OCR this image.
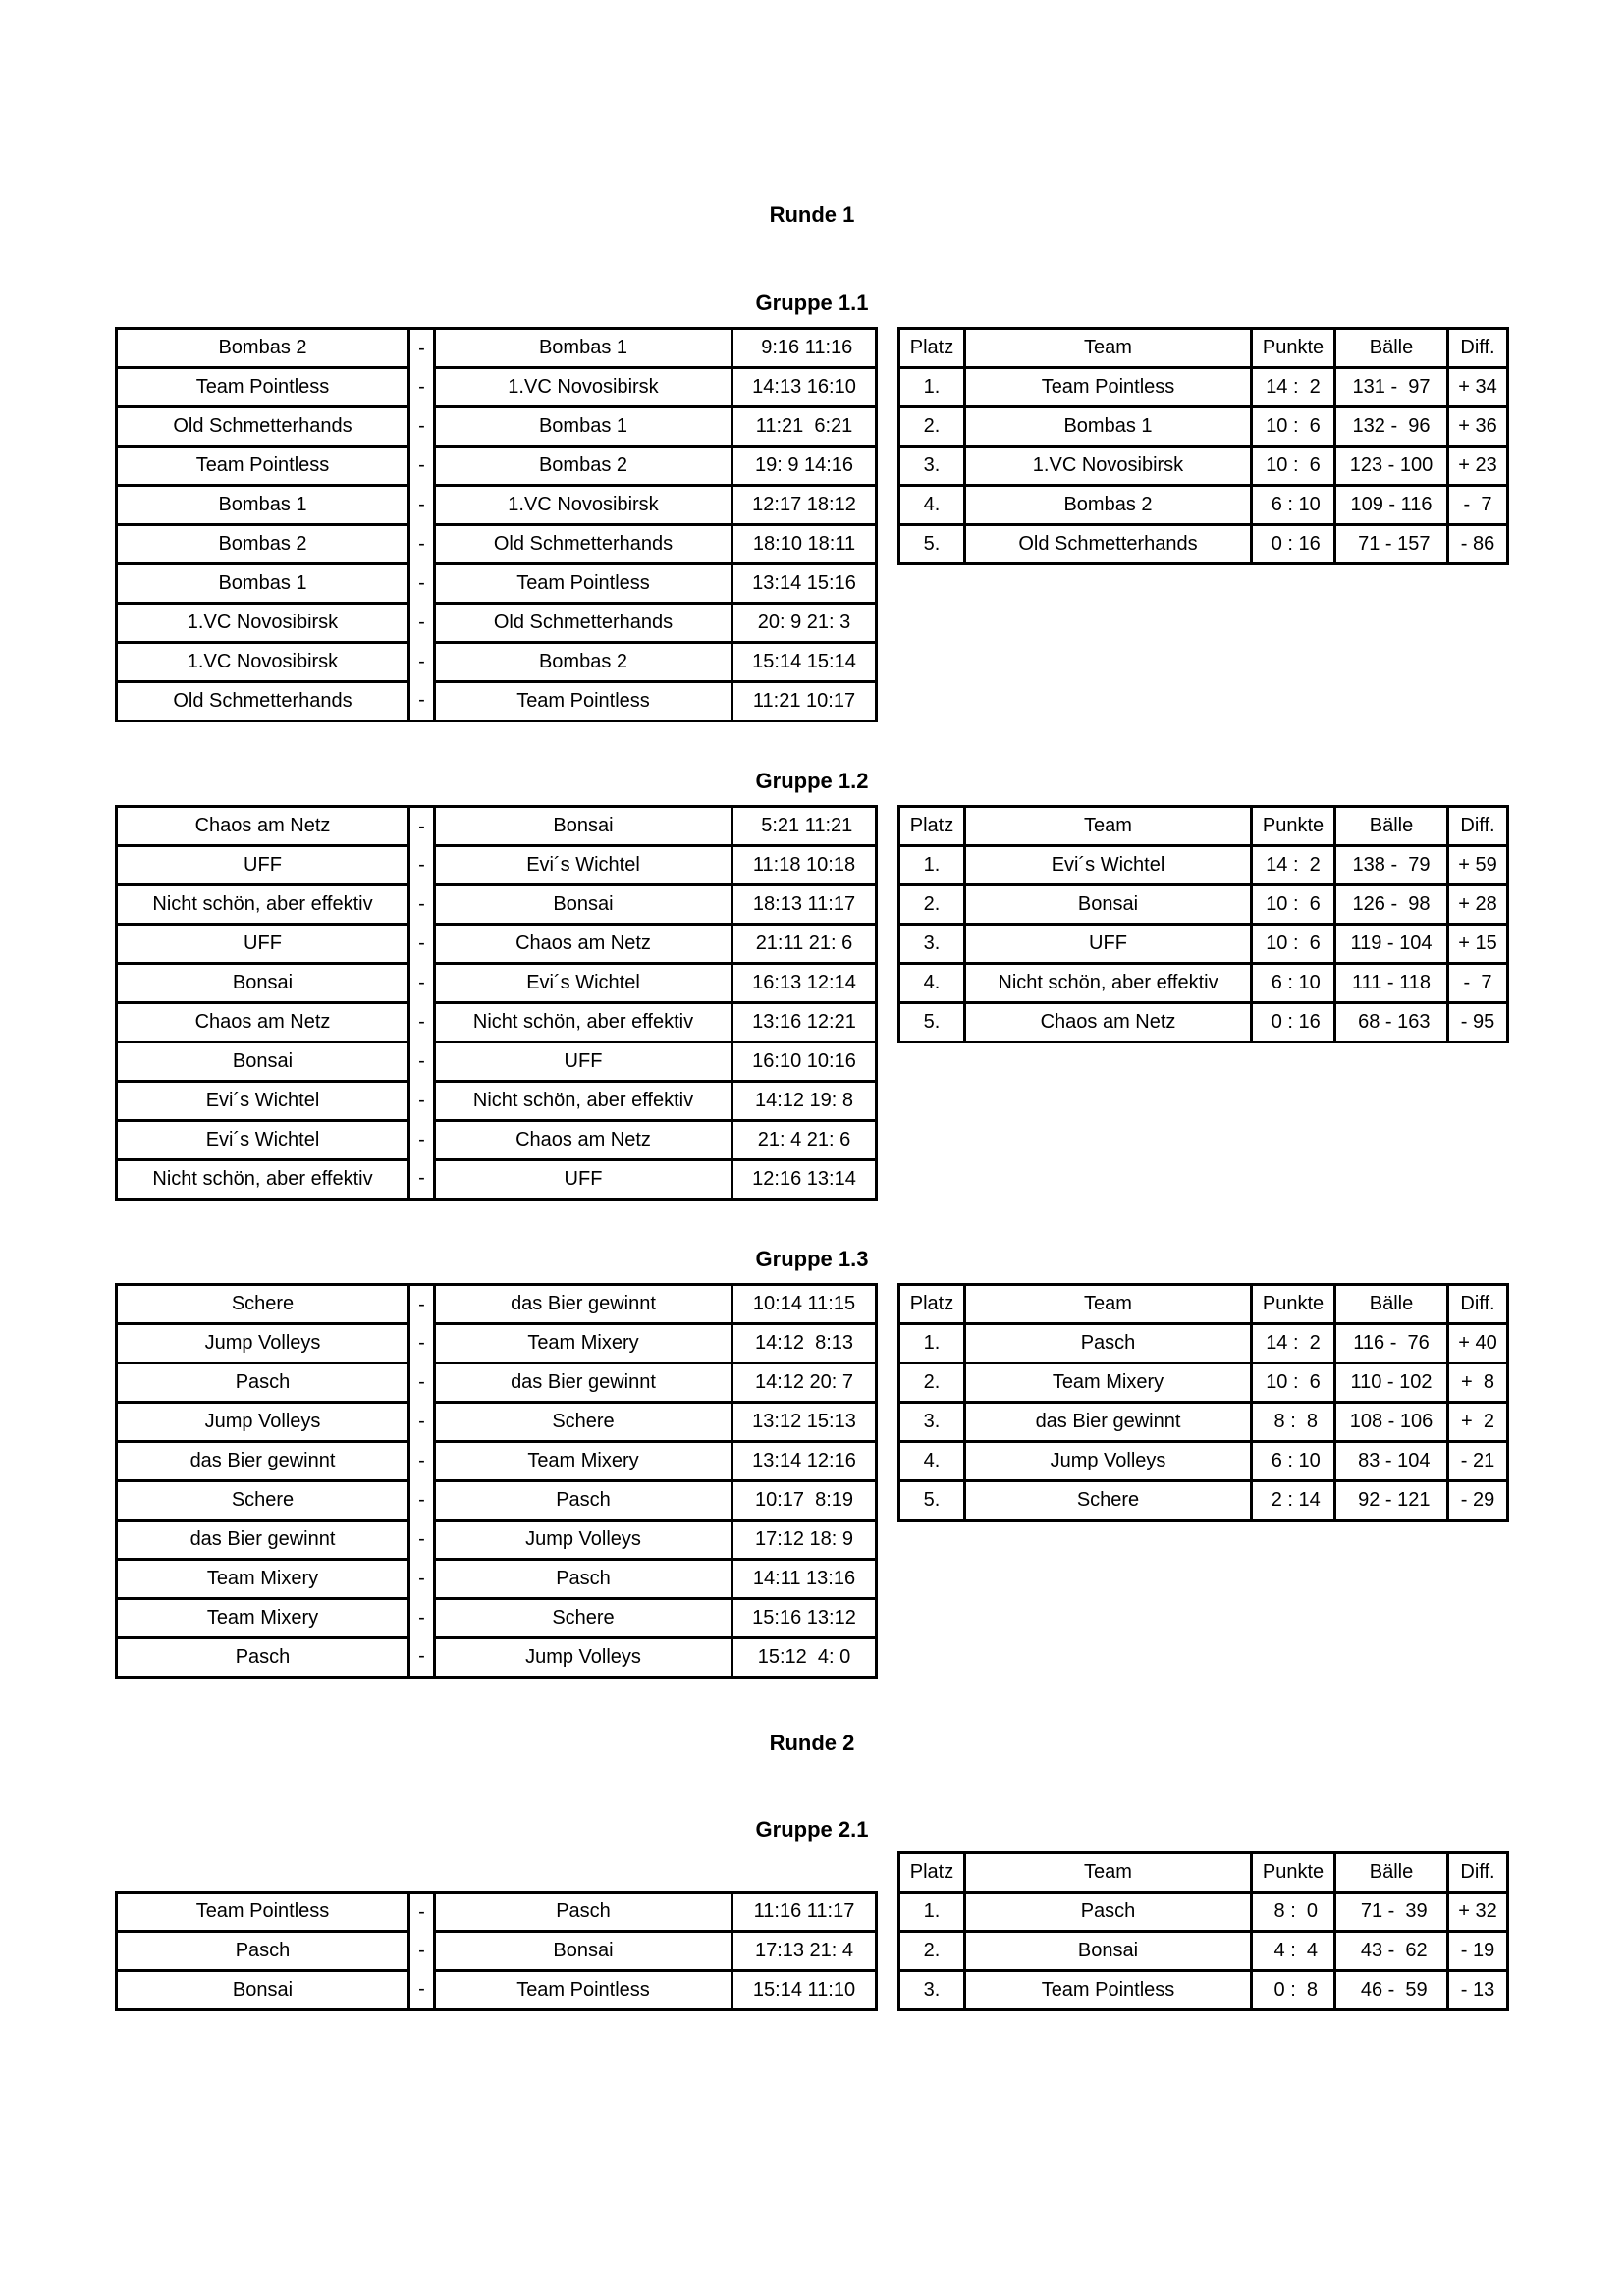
Runde 1
Gruppe 1.1
Bombas 2	-	Bombas 1	9:16 11:16
Team Pointless	-	1.VC Novosibirsk	14:13 16:10
Old Schmetterhands	-	Bombas 1	11:21  6:21
Team Pointless	-	Bombas 2	19: 9 14:16
Bombas 1	-	1.VC Novosibirsk	12:17 18:12
Bombas 2	-	Old Schmetterhands	18:10 18:11
Bombas 1	-	Team Pointless	13:14 15:16
1.VC Novosibirsk	-	Old Schmetterhands	20: 9 21: 3
1.VC Novosibirsk	-	Bombas 2	15:14 15:14
Old Schmetterhands	-	Team Pointless	11:21 10:17
Platz	Team	Punkte	Bälle	Diff.
1.	Team Pointless	14 :  2	131 -  97	+ 34
2.	Bombas 1	10 :  6	132 -  96	+ 36
3.	1.VC Novosibirsk	10 :  6	123 - 100	+ 23
4.	Bombas 2	6 : 10	109 - 116	-  7
5.	Old Schmetterhands	0 : 16	71 - 157	- 86
Gruppe 1.2
Chaos am Netz	-	Bonsai	5:21 11:21
UFF	-	Evi´s Wichtel	11:18 10:18
Nicht schön, aber effektiv	-	Bonsai	18:13 11:17
UFF	-	Chaos am Netz	21:11 21: 6
Bonsai	-	Evi´s Wichtel	16:13 12:14
Chaos am Netz	-	Nicht schön, aber effektiv	13:16 12:21
Bonsai	-	UFF	16:10 10:16
Evi´s Wichtel	-	Nicht schön, aber effektiv	14:12 19: 8
Evi´s Wichtel	-	Chaos am Netz	21: 4 21: 6
Nicht schön, aber effektiv	-	UFF	12:16 13:14
Platz	Team	Punkte	Bälle	Diff.
1.	Evi´s Wichtel	14 :  2	138 -  79	+ 59
2.	Bonsai	10 :  6	126 -  98	+ 28
3.	UFF	10 :  6	119 - 104	+ 15
4.	Nicht schön, aber effektiv	6 : 10	111 - 118	-  7
5.	Chaos am Netz	0 : 16	68 - 163	- 95
Gruppe 1.3
Schere	-	das Bier gewinnt	10:14 11:15
Jump Volleys	-	Team Mixery	14:12  8:13
Pasch	-	das Bier gewinnt	14:12 20: 7
Jump Volleys	-	Schere	13:12 15:13
das Bier gewinnt	-	Team Mixery	13:14 12:16
Schere	-	Pasch	10:17  8:19
das Bier gewinnt	-	Jump Volleys	17:12 18: 9
Team Mixery	-	Pasch	14:11 13:16
Team Mixery	-	Schere	15:16 13:12
Pasch	-	Jump Volleys	15:12  4: 0
Platz	Team	Punkte	Bälle	Diff.
1.	Pasch	14 :  2	116 -  76	+ 40
2.	Team Mixery	10 :  6	110 - 102	+  8
3.	das Bier gewinnt	8 :  8	108 - 106	+  2
4.	Jump Volleys	6 : 10	83 - 104	- 21
5.	Schere	2 : 14	92 - 121	- 29
Runde 2
Gruppe 2.1
Team Pointless	-	Pasch	11:16 11:17
Pasch	-	Bonsai	17:13 21: 4
Bonsai	-	Team Pointless	15:14 11:10
Platz	Team	Punkte	Bälle	Diff.
1.	Pasch	8 :  0	71 -  39	+ 32
2.	Bonsai	4 :  4	43 -  62	- 19
3.	Team Pointless	0 :  8	46 -  59	- 13
